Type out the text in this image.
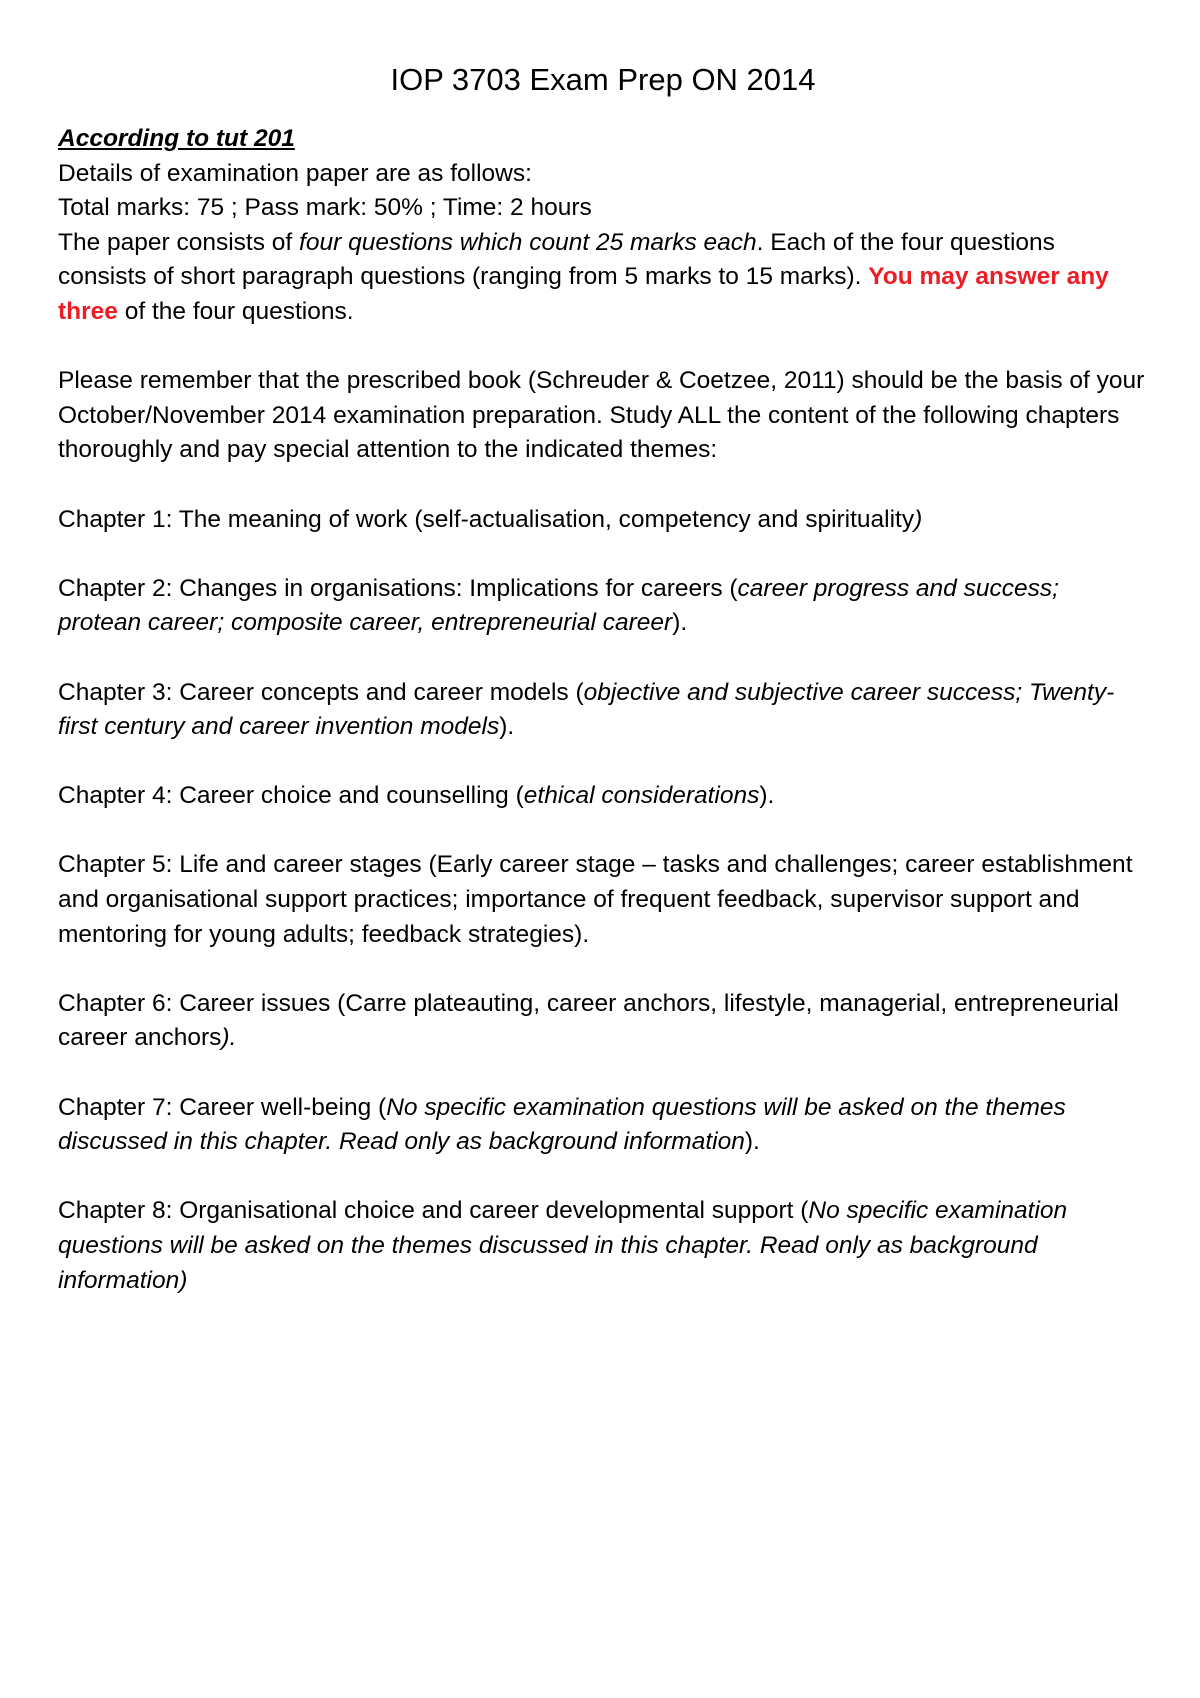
IOP 3703 Exam Prep ON 2014

According to tut 201

Details of examination paper are as follows:

Total marks: 75 ; Pass mark: 50% ; Time: 2 hours

The paper consists of four questions which count 25 marks each. Each of the four questions consists of short paragraph questions (ranging from 5 marks to 15 marks). You may answer any three of the four questions.

Please remember that the prescribed book (Schreuder & Coetzee, 2011) should be the basis of your October/November 2014 examination preparation. Study ALL the content of the following chapters thoroughly and pay special attention to the indicated themes:

Chapter 1: The meaning of work (self-actualisation, competency and spirituality)

Chapter 2: Changes in organisations: Implications for careers (career progress and success; protean career; composite career, entrepreneurial career).

Chapter 3: Career concepts and career models (objective and subjective career success; Twenty-first century and career invention models).

Chapter 4: Career choice and counselling (ethical considerations).

Chapter 5: Life and career stages (Early career stage – tasks and challenges; career establishment and organisational support practices; importance of frequent feedback, supervisor support and mentoring for young adults; feedback strategies).

Chapter 6: Career issues (Carre plateauting, career anchors, lifestyle, managerial, entrepreneurial career anchors).

Chapter 7: Career well-being (No specific examination questions will be asked on the themes discussed in this chapter. Read only as background information).

Chapter 8: Organisational choice and career developmental support (No specific examination questions will be asked on the themes discussed in this chapter. Read only as background information)
